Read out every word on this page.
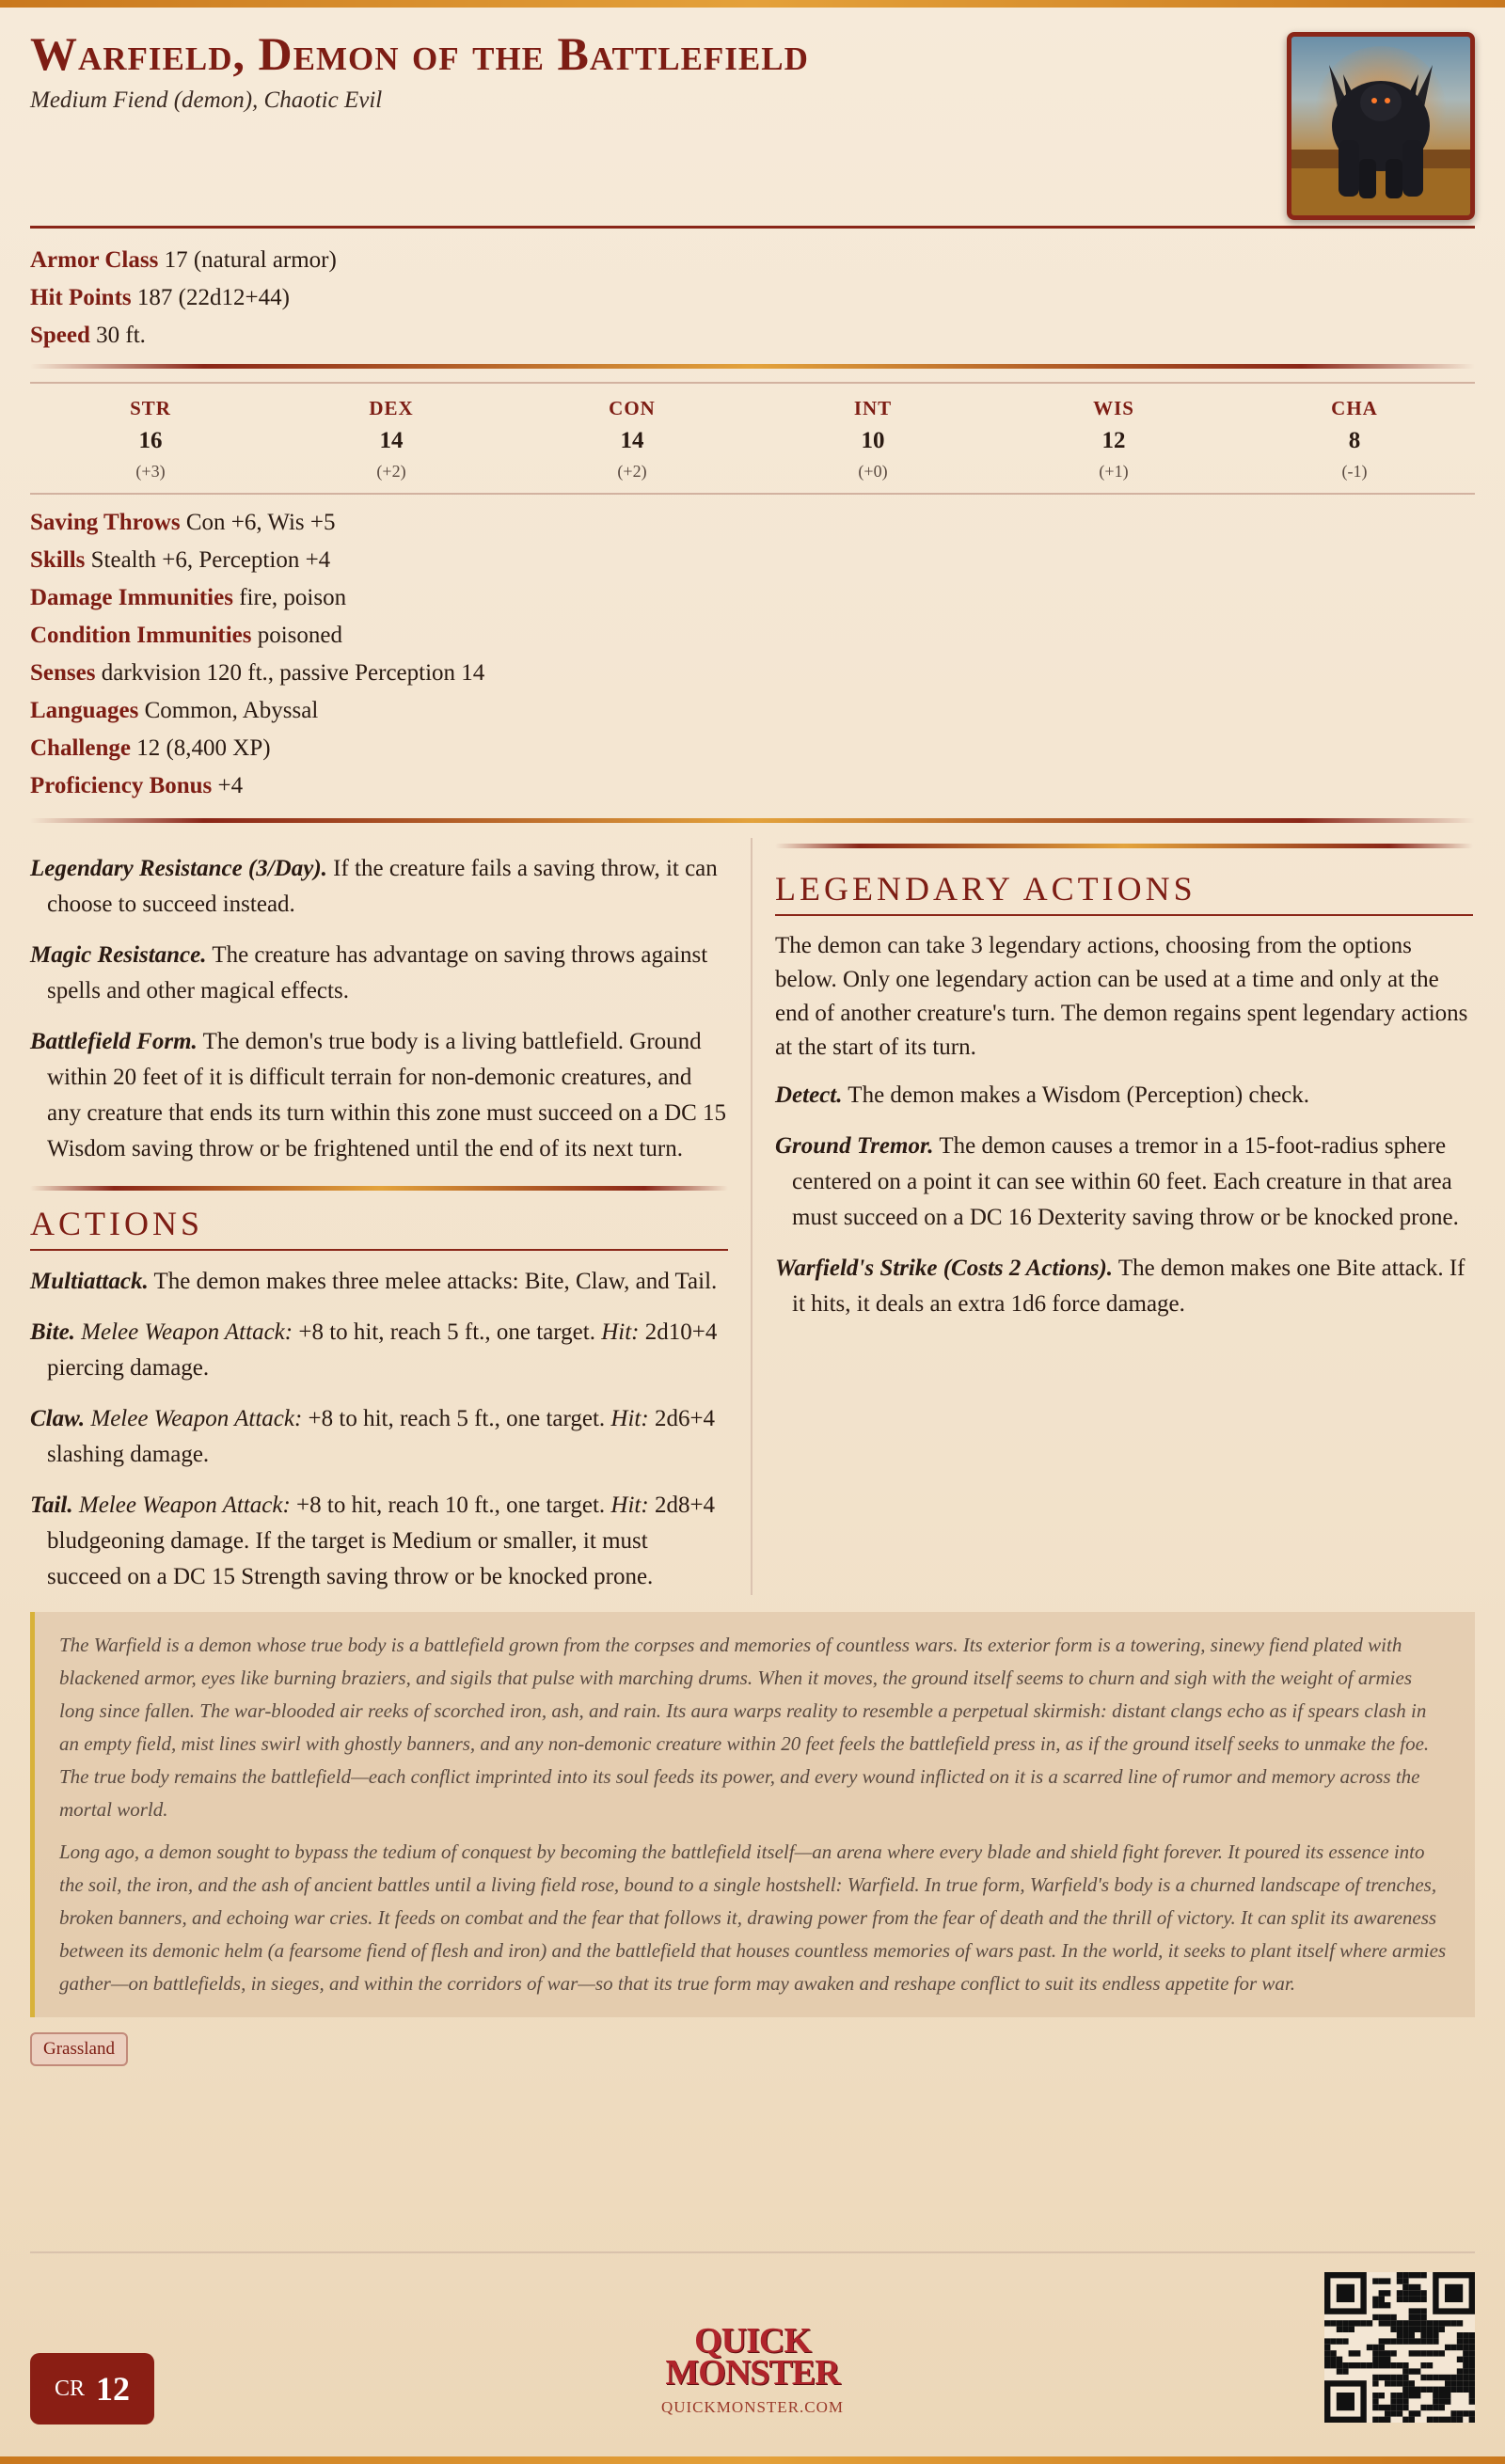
Warfield, Demon of the Battlefield
Medium Fiend (demon), Chaotic Evil
Armor Class 17 (natural armor)
Hit Points 187 (22d12+44)
Speed 30 ft.
STR
16
(+3)
DEX
14
(+2)
CON
14
(+2)
INT
10
(+0)
WIS
12
(+1)
CHA
8
(-1)
Saving Throws Con +6, Wis +5
Skills Stealth +6, Perception +4
Damage Immunities fire, poison
Condition Immunities poisoned
Senses darkvision 120 ft., passive Perception 14
Languages Common, Abyssal
Challenge 12 (8,400 XP)
Proficiency Bonus +4
Legendary Resistance (3/Day). If the creature fails a saving throw, it can choose to succeed instead.
Magic Resistance. The creature has advantage on saving throws against spells and other magical effects.
Battlefield Form. The demon's true body is a living battlefield. Ground within 20 feet of it is difficult terrain for non-demonic creatures, and any creature that ends its turn within this zone must succeed on a DC 15 Wisdom saving throw or be frightened until the end of its next turn.
ACTIONS
Multiattack. The demon makes three melee attacks: Bite, Claw, and Tail.
Bite. Melee Weapon Attack: +8 to hit, reach 5 ft., one target. Hit: 2d10+4 piercing damage.
Claw. Melee Weapon Attack: +8 to hit, reach 5 ft., one target. Hit: 2d6+4 slashing damage.
Tail. Melee Weapon Attack: +8 to hit, reach 10 ft., one target. Hit: 2d8+4 bludgeoning damage. If the target is Medium or smaller, it must succeed on a DC 15 Strength saving throw or be knocked prone.
LEGENDARY ACTIONS
The demon can take 3 legendary actions, choosing from the options below. Only one legendary action can be used at a time and only at the end of another creature's turn. The demon regains spent legendary actions at the start of its turn.
Detect. The demon makes a Wisdom (Perception) check.
Ground Tremor. The demon causes a tremor in a 15-foot-radius sphere centered on a point it can see within 60 feet. Each creature in that area must succeed on a DC 16 Dexterity saving throw or be knocked prone.
Warfield's Strike (Costs 2 Actions). The demon makes one Bite attack. If it hits, it deals an extra 1d6 force damage.

The Warfield is a demon whose true body is a battlefield grown from the corpses and memories of countless wars. Its exterior form is a towering, sinewy fiend plated with blackened armor, eyes like burning braziers, and sigils that pulse with marching drums. When it moves, the ground itself seems to churn and sigh with the weight of armies long since fallen. The war-blooded air reeks of scorched iron, ash, and rain. Its aura warps reality to resemble a perpetual skirmish: distant clangs echo as if spears clash in an empty field, mist lines swirl with ghostly banners, and any non-demonic creature within 20 feet feels the battlefield press in, as if the ground itself seeks to unmake the foe. The true body remains the battlefield—each conflict imprinted into its soul feeds its power, and every wound inflicted on it is a scarred line of rumor and memory across the mortal world.

Long ago, a demon sought to bypass the tedium of conquest by becoming the battlefield itself—an arena where every blade and shield fight forever. It poured its essence into the soil, the iron, and the ash of ancient battles until a living field rose, bound to a single hostshell: Warfield. In true form, Warfield's body is a churned landscape of trenches, broken banners, and echoing war cries. It feeds on combat and the fear that follows it, drawing power from the fear of death and the thrill of victory. It can split its awareness between its demonic helm (a fearsome fiend of flesh and iron) and the battlefield that houses countless memories of wars past. In the world, it seeks to plant itself where armies gather—on battlefields, in sieges, and within the corridors of war—so that its true form may awaken and reshape conflict to suit its endless appetite for war.

Grassland
CR 12
QUICK
MONSTER
QUICKMONSTER.COM
